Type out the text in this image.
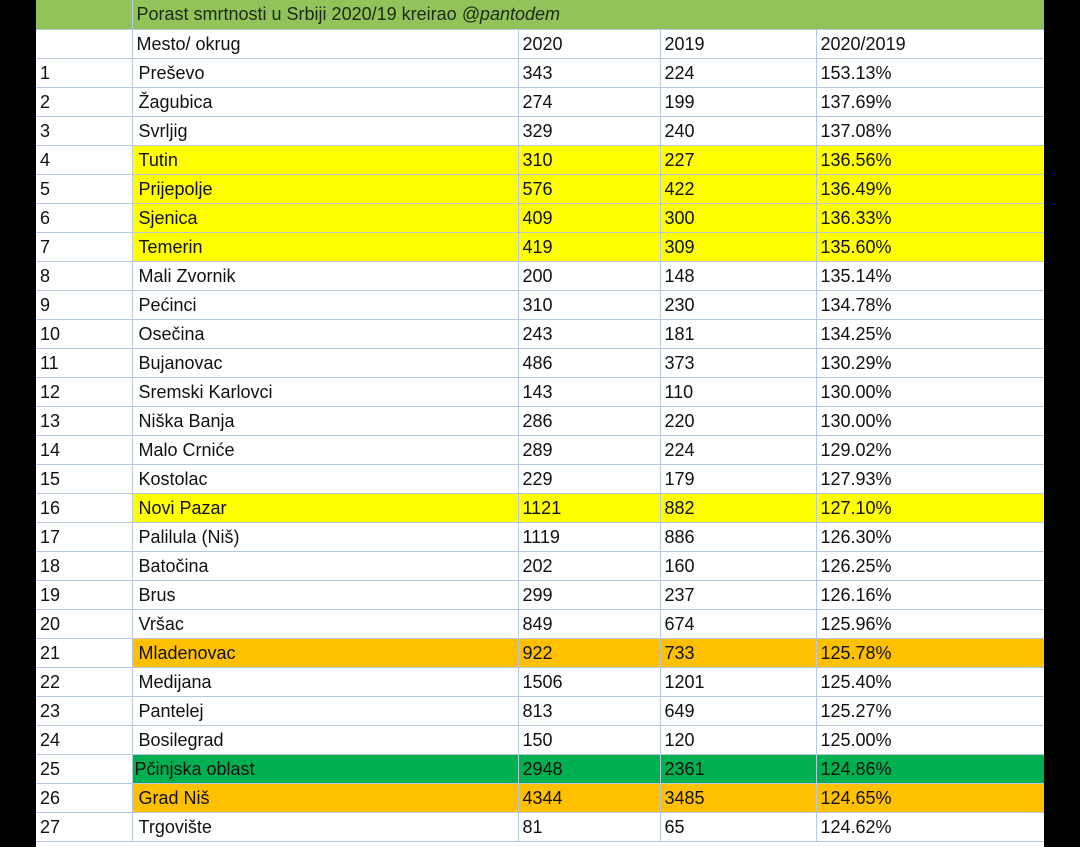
	Porast smrtnosti u Srbiji 2020/19 kreirao @pantodem			
	Mesto/ okrug	2020	2019	2020/2019
1	Preševo	343	224	153.13%
2	Žagubica	274	199	137.69%
3	Svrljig	329	240	137.08%
4	Tutin	310	227	136.56%
5	Prijepolje	576	422	136.49%
6	Sjenica	409	300	136.33%
7	Temerin	419	309	135.60%
8	Mali Zvornik	200	148	135.14%
9	Pećinci	310	230	134.78%
10	Osečina	243	181	134.25%
11	Bujanovac	486	373	130.29%
12	Sremski Karlovci	143	110	130.00%
13	Niška Banja	286	220	130.00%
14	Malo Crniće	289	224	129.02%
15	Kostolac	229	179	127.93%
16	Novi Pazar	1121	882	127.10%
17	Palilula (Niš)	1119	886	126.30%
18	Batočina	202	160	126.25%
19	Brus	299	237	126.16%
20	Vršac	849	674	125.96%
21	Mladenovac	922	733	125.78%
22	Medijana	1506	1201	125.40%
23	Pantelej	813	649	125.27%
24	Bosilegrad	150	120	125.00%
25	Pčinjska oblast	2948	2361	124.86%
26	Grad Niš	4344	3485	124.65%
27	Trgovište	81	65	124.62%
